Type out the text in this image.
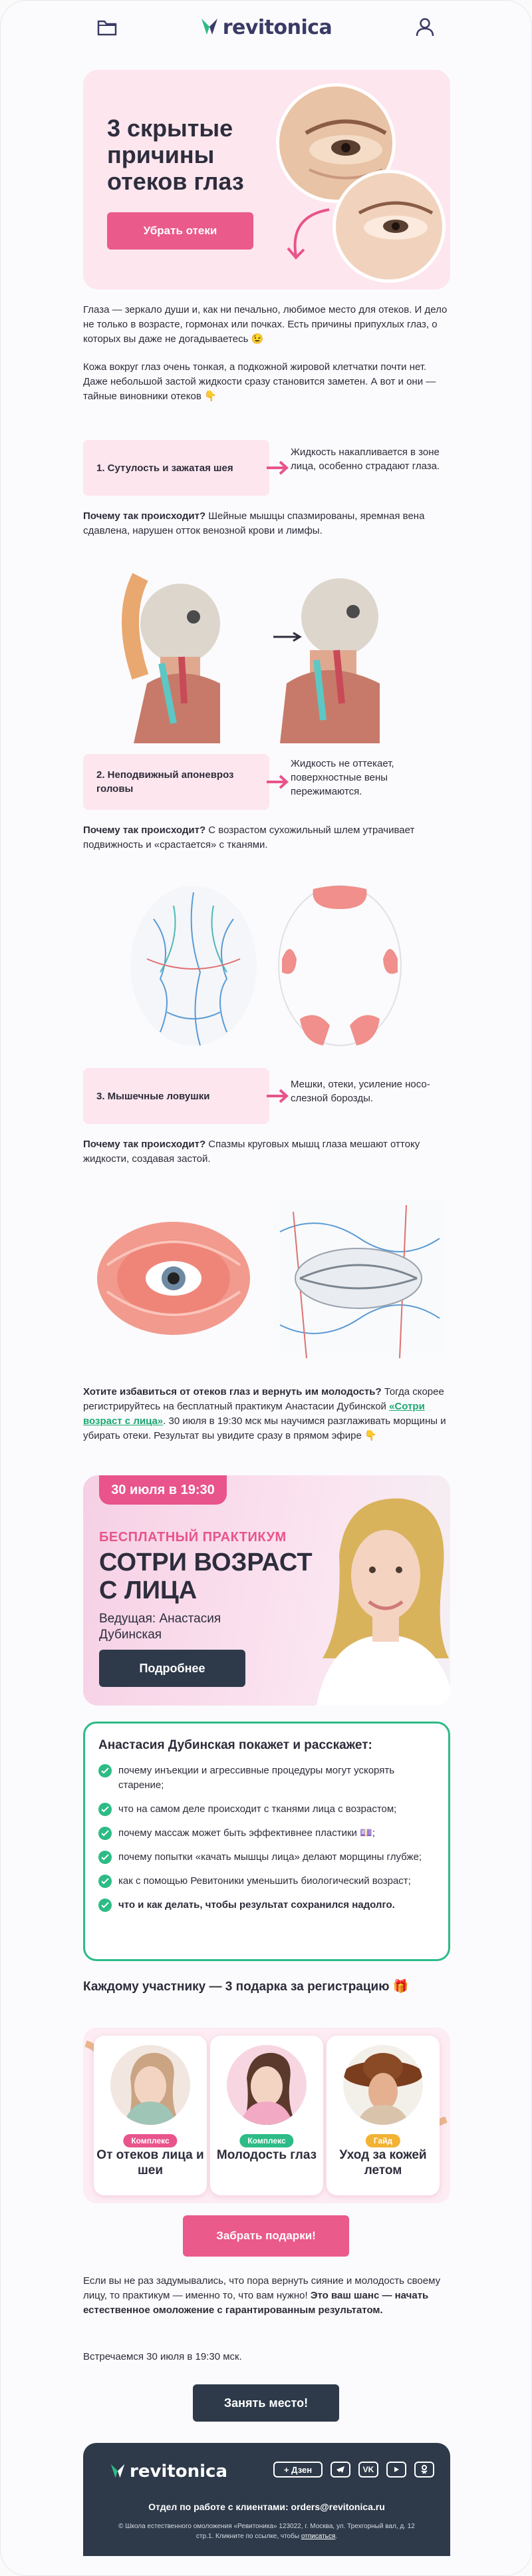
revitonica
3 скрытые причины отеков глаз
Убрать отеки
Глаза — зеркало души и, как ни печально, любимое место для отеков. И дело не только в возрасте, гормонах или почках. Есть причины припухлых глаз, о которых вы даже не догадываетесь 😉
Кожа вокруг глаз очень тонкая, а подкожной жировой клетчатки почти нет. Даже небольшой застой жидкости сразу становится заметен. А вот и они — тайные виновники отеков 👇
1. Сутулость и зажатая шея
Жидкость накапливается в зоне лица, особенно страдают глаза.
Почему так происходит? Шейные мышцы спазмированы, яремная вена сдавлена, нарушен отток венозной крови и лимфы.
2. Неподвижный апоневроз головы
Жидкость не оттекает, поверхностные вены пережимаются.
Почему так происходит? С возрастом сухожильный шлем утрачивает подвижность и «срастается» с тканями.
3. Мышечные ловушки
Мешки, отеки, усиление носо-слезной борозды.
Почему так происходит? Спазмы круговых мышц глаза мешают оттоку жидкости, создавая застой.
Хотите избавиться от отеков глаз и вернуть им молодость? Тогда скорее регистрируйтесь на бесплатный практикум Анастасии Дубинской «Сотри возраст с лица». 30 июля в 19:30 мск мы научимся разглаживать морщины и убирать отеки. Результат вы увидите сразу в прямом эфире 👇
30 июля в 19:30
БЕСПЛАТНЫЙ ПРАКТИКУМ
СОТРИ ВОЗРАСТ С ЛИЦА
Ведущая: Анастасия Дубинская
Подробнее
Анастасия Дубинская покажет и расскажет:
почему инъекции и агрессивные процедуры могут ускорять старение;
что на самом деле происходит с тканями лица с возрастом;
почему массаж может быть эффективнее пластики 💷;
почему попытки «качать мышцы лица» делают морщины глубже;
как с помощью Ревитоники уменьшить биологический возраст;
что и как делать, чтобы результат сохранился надолго.
Каждому участнику — 3 подарка за регистрацию 🎁
Комплекс
От отеков лица и шеи
Комплекс
Молодость глаз
Гайд
Уход за кожей летом
Забрать подарки!
Если вы не раз задумывались, что пора вернуть сияние и молодость своему лицу, то практикум — именно то, что вам нужно! Это ваш шанс — начать естественное омоложение с гарантированным результатом.
Встречаемся 30 июля в 19:30 мск.
Занять место!
revitonica	+ Дзен	VK
Отдел по работе с клиентами: orders@revitonica.ru
© Школа естественного омоложения «Ревитоника» 123022, г. Москва, ул. Трехгорный вал, д. 12 стр.1. Кликните по ссылке, чтобы отписаться.
